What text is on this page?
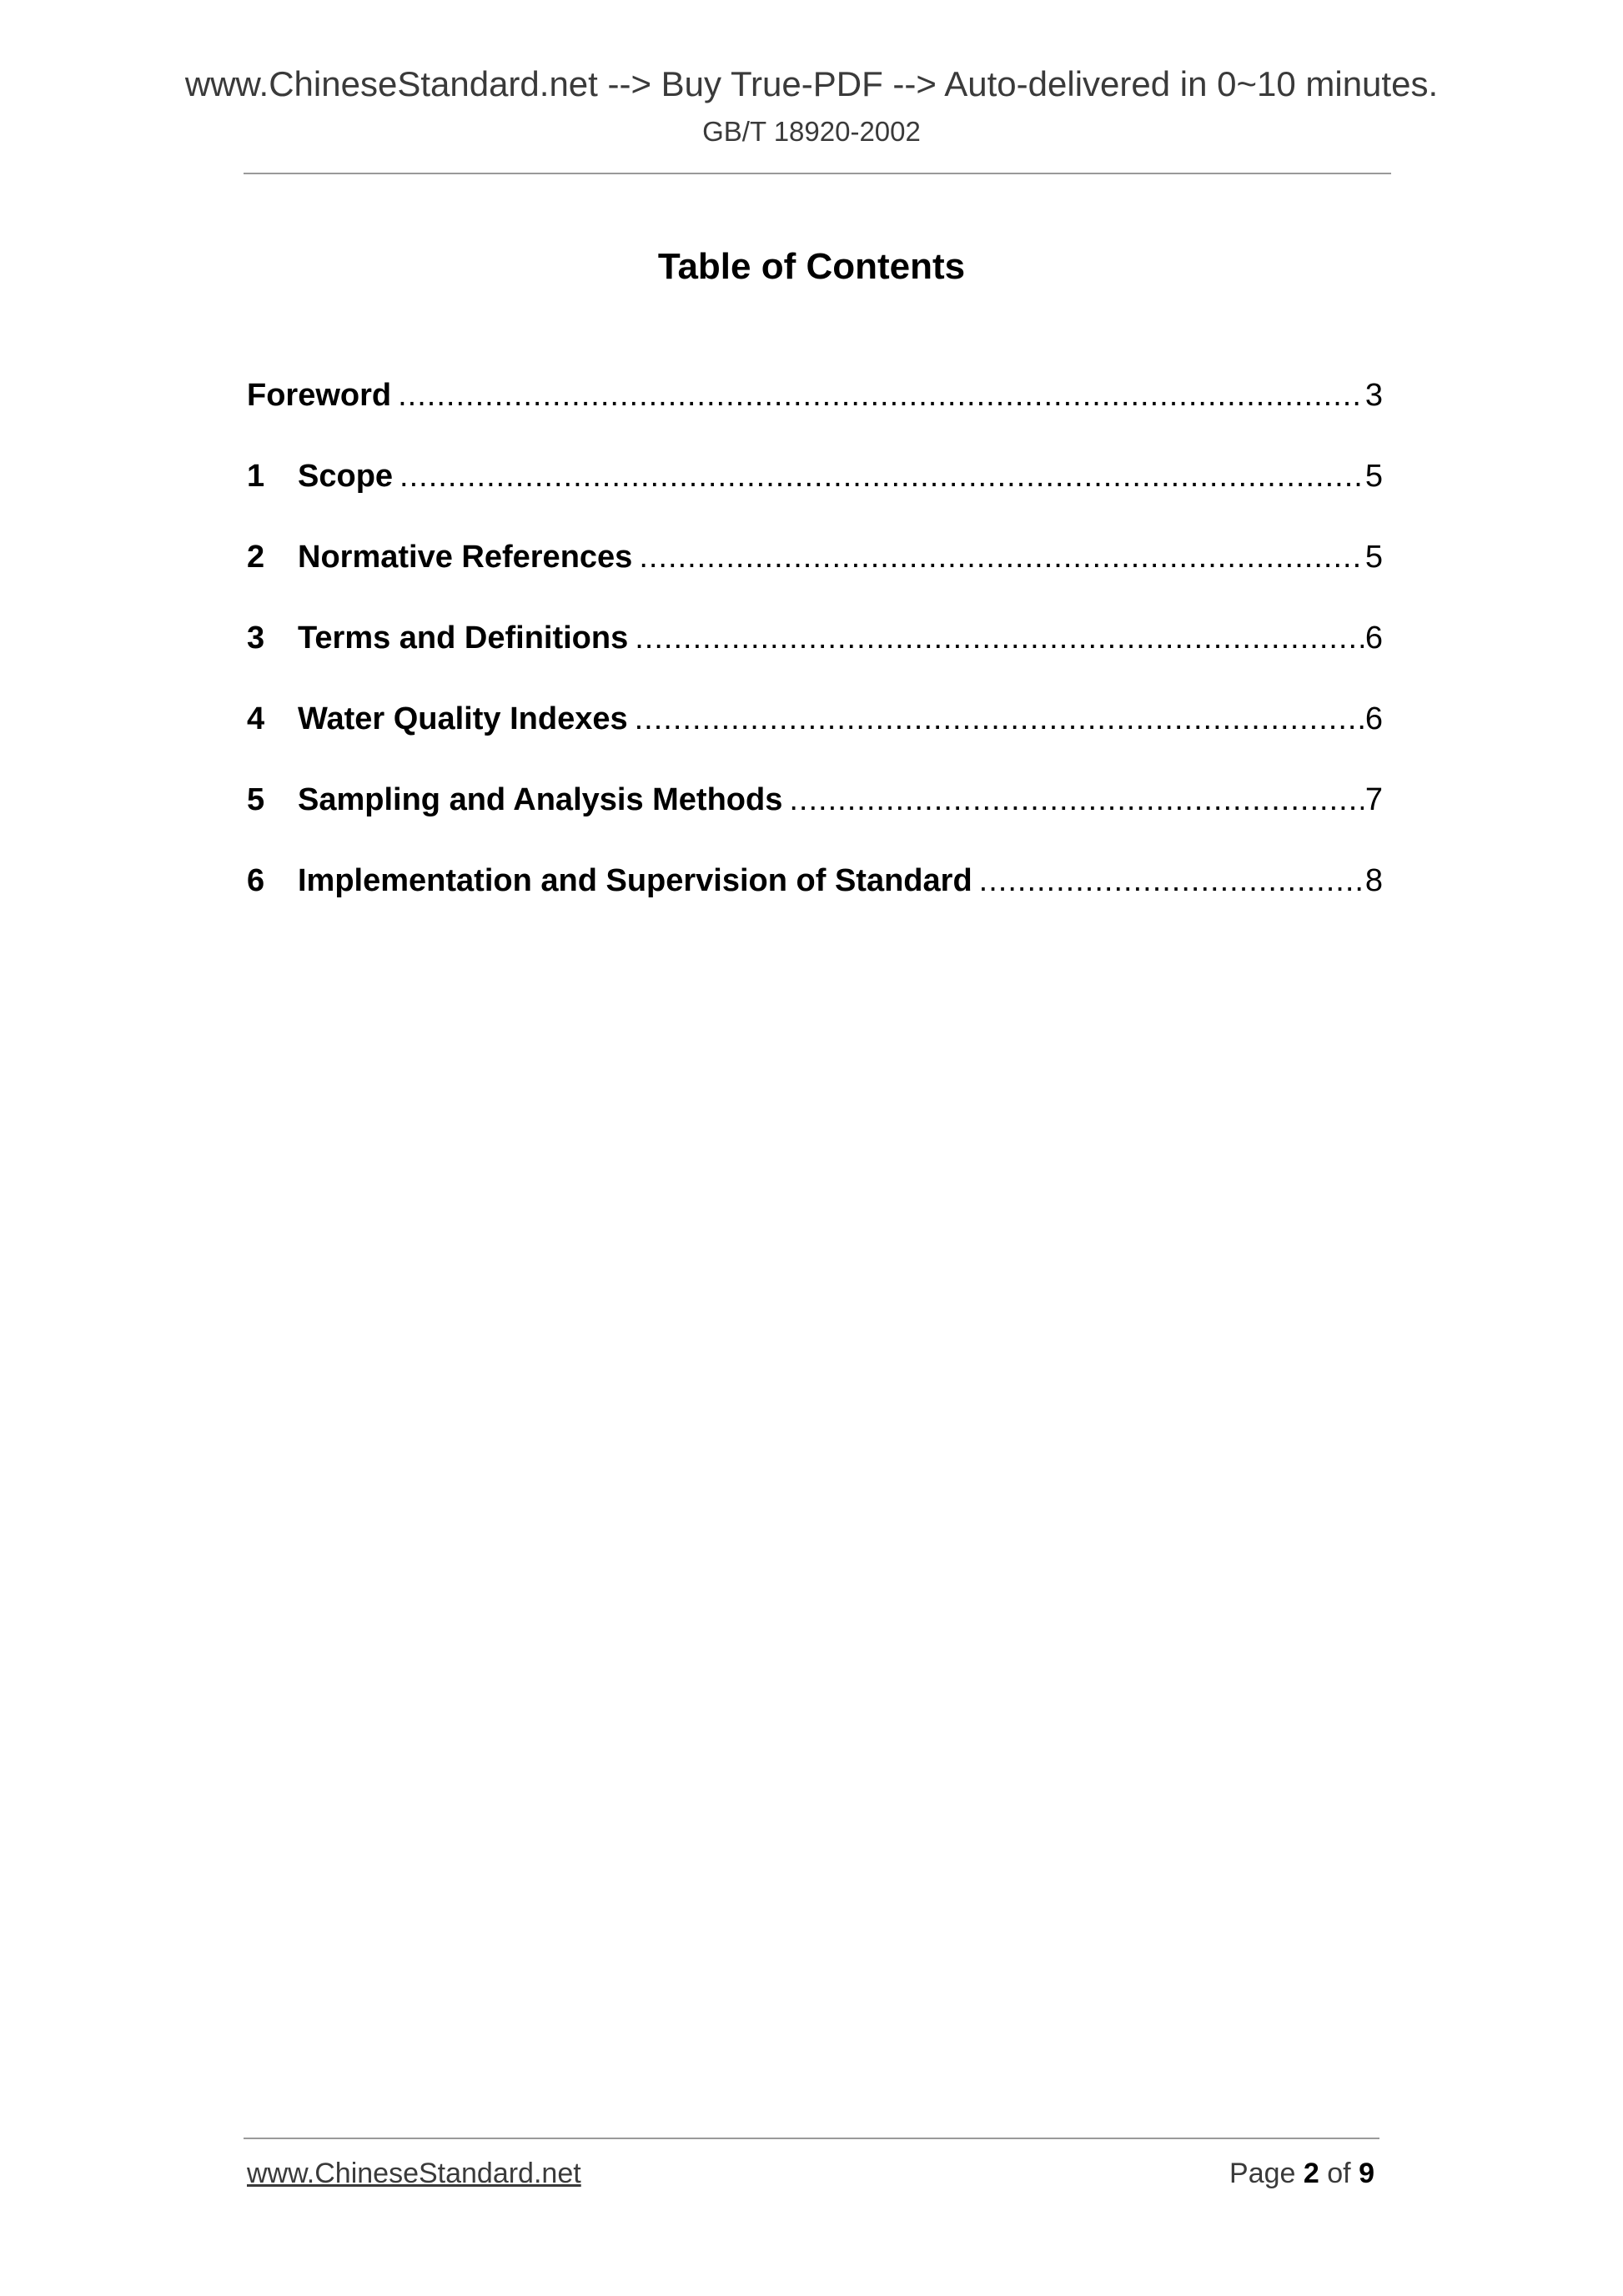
www.ChineseStandard.net --> Buy True-PDF --> Auto-delivered in 0~10 minutes.
GB/T 18920-2002
Table of Contents
Foreword .....	3
1	Scope .....	5
2	Normative References .....	5
3	Terms and Definitions .....	6
4	Water Quality Indexes .....	6
5	Sampling and Analysis Methods .....	7
6	Implementation and Supervision of Standard .....	8
www.ChineseStandard.net	Page 2 of 9
